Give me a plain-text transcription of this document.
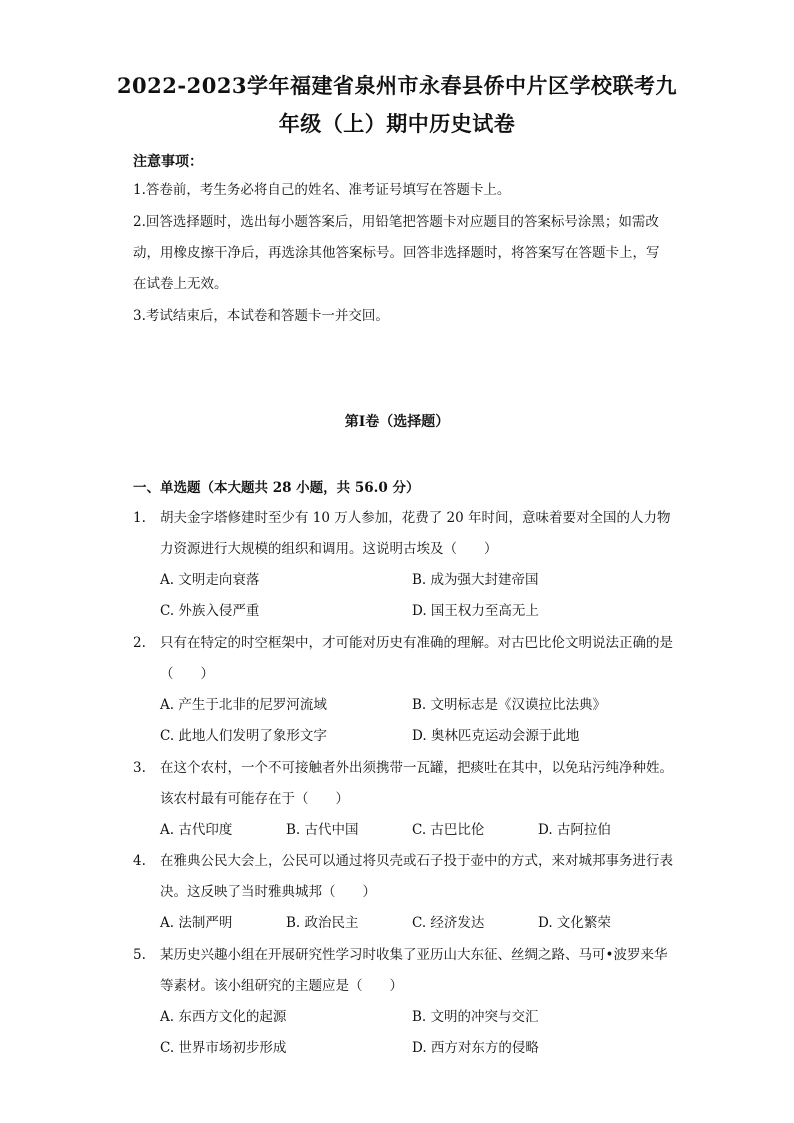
2022-2023学年福建省泉州市永春县侨中片区学校联考九
年级（上）期中历史试卷
注意事项：
1.答卷前，考生务必将自己的姓名、准考证号填写在答题卡上。
2.回答选择题时，选出每小题答案后，用铅笔把答题卡对应题目的答案标号涂黑；如需改动，用橡皮擦干净后，再选涂其他答案标号。回答非选择题时，将答案写在答题卡上，写在试卷上无效。
3.考试结束后，本试卷和答题卡一并交回。
第Ⅰ卷（选择题）
一、单选题（本大题共 28 小题，共 56.0 分）
1.	胡夫金字塔修建时至少有 10 万人参加，花费了 20 年时间，意味着要对全国的人力物力资源进行大规模的组织和调用。这说明古埃及（　　）
A. 文明走向衰落	B. 成为强大封建帝国
C. 外族入侵严重	D. 国王权力至高无上
2.	只有在特定的时空框架中，才可能对历史有准确的理解。对古巴比伦文明说法正确的是（　　）
A. 产生于北非的尼罗河流域	B. 文明标志是《汉谟拉比法典》
C. 此地人们发明了象形文字	D. 奥林匹克运动会源于此地
3.	在这个农村，一个不可接触者外出须携带一瓦罐，把痰吐在其中，以免玷污纯净种姓。该农村最有可能存在于（　　）
A. 古代印度	B. 古代中国	C. 古巴比伦	D. 古阿拉伯
4.	在雅典公民大会上，公民可以通过将贝壳或石子投于壶中的方式，来对城邦事务进行表决。这反映了当时雅典城邦（　　）
A. 法制严明	B. 政治民主	C. 经济发达	D. 文化繁荣
5.	某历史兴趣小组在开展研究性学习时收集了亚历山大东征、丝绸之路、马可•波罗来华等素材。该小组研究的主题应是（　　）
A. 东西方文化的起源	B. 文明的冲突与交汇
C. 世界市场初步形成	D. 西方对东方的侵略
